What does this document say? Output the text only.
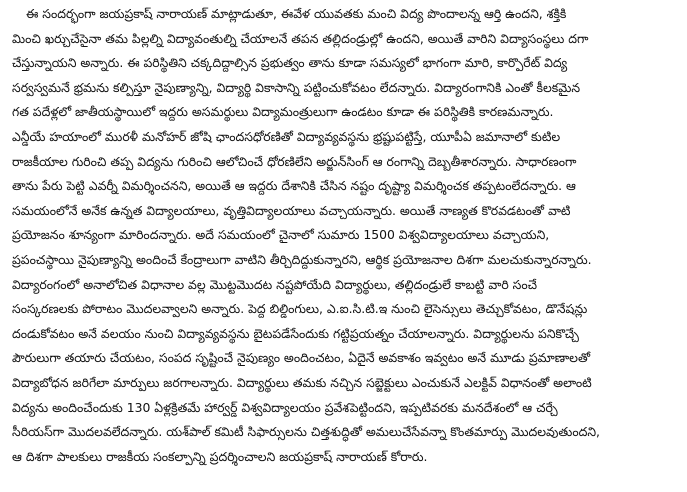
ఈ సందర్భంగా జయప్రకాష్ నారాయణ్ మాట్లాడుతూ, ఈవేళ యువతకు మంచి విద్య పొందాలన్న ఆర్తి ఉందని, శక్తికి
మించి ఖర్చుచేసైనా తమ పిల్లల్ని విద్యావంతుల్ని చేయాలనే తపన తల్లిదండ్రుల్లో ఉందని, అయితే వారిని విద్యాసంస్థలు దగా
చేస్తున్నాయని అన్నారు. ఈ పరిస్థితిని చక్కదిద్దాల్సిన ప్రభుత్వం తాను కూడా సమస్యలో భాగంగా మారి, కార్పొరేట్ విద్య
సర్వస్వమనే భ్రమను కల్పిస్తూ నైపుణ్యాన్ని, విద్యార్థి వికాసాన్ని పట్టించుకోవటం లేదన్నారు. విద్యారంగానికి ఎంతో కీలకమైన
గత పదేళ్లలో జాతీయస్థాయిలో ఇద్దరు అసమర్థులు విద్యామంత్రులుగా ఉండటం కూడా ఈ పరిస్థితికి కారణమన్నారు.
ఎన్డీయే హయాంలో మురళీ మనోహర్ జోషి ఛాందసధోరణితో విద్యావ్యవస్థను భ్రష్టుపట్టిస్తే, యూపీఏ జమానాలో కుటిల
రాజకీయాల గురించి తప్ప విద్యను గురించి ఆలోచించే ధోరణిలేని అర్జున్‌సింగ్ ఆ రంగాన్ని దెబ్బతీశారన్నారు. సాధారణంగా
తాను పేరు పెట్టి ఎవర్నీ విమర్శించనని, అయితే ఆ ఇద్దరు దేశానికి చేసిన నష్టం దృష్ట్యా విమర్శించక తప్పటంలేదన్నారు. ఆ
సమయంలోనే అనేక ఉన్నత విద్యాలయాలు, వృత్తివిద్యాలయాలు వచ్చాయన్నారు. అయితే నాణ్యత కొరవడటంతో వాటి
ప్రయోజనం శూన్యంగా మారిందన్నారు. అదే సమయంలో చైనాలో సుమారు 1500 విశ్వవిద్యాలయాలు వచ్చాయని,
ప్రపంచస్థాయి నైపుణ్యాన్ని అందించే కేంద్రాలుగా వాటిని తీర్చిదిద్దుకున్నారని, ఆర్థిక ప్రయోజనాల దిశగా మలచుకున్నారన్నారు.
విద్యారంగంలో అనాలోచిత విధానాల వల్ల మొట్టమొదట నష్టపోయేది విద్యార్థులు, తల్లిదండ్రులే కాబట్టి వారి సంచే
సంస్కరణలకు పోరాటం మొదలవ్వాలని అన్నారు. పెద్ద బిల్డింగులు, ఎ.ఐ.సి.టి.ఇ నుంచి లైసెన్సులు తెచ్చుకోవటం, డొనేషన్లు
దండుకోవటం అనే వలయం నుంచి విద్యావ్యవస్థను బైటపడేసేందుకు గట్టిప్రయత్నం చేయాలన్నారు. విద్యార్థులను పనికొచ్చే
పౌరులుగా తయారు చేయటం, సంపద సృష్టించే నైపుణ్యం అందించటం, ఏదైనే అవకాశం ఇవ్వటం అనే మూడు ప్రమాణాలతో
విద్యాబోధన జరిగేలా మార్పులు జరగాలన్నారు. విద్యార్థులు తమకు నచ్చిన సబ్జెక్టులు ఎంచుకునే ఎలక్టివ్ విధానంతో అలాంటి
విద్యను అందించేందుకు 130 ఏళ్లక్రితమే హార్వర్డ్ విశ్వవిద్యాలయం ప్రవేశపెట్టిందని, ఇప్పటివరకు మనదేశంలో ఆ చర్చే
సీరియస్‌గా మొదలవలేదన్నారు. యశ్‌పాల్ కమిటీ సిఫార్సులను చిత్తశుద్ధితో అమలుచేసేవన్నా కొంతమార్పు మొదలవుతుందని,
ఆ దిశగా పాలకులు రాజకీయ సంకల్పాన్ని ప్రదర్శించాలని జయప్రకాష్ నారాయణ్ కోరారు.
